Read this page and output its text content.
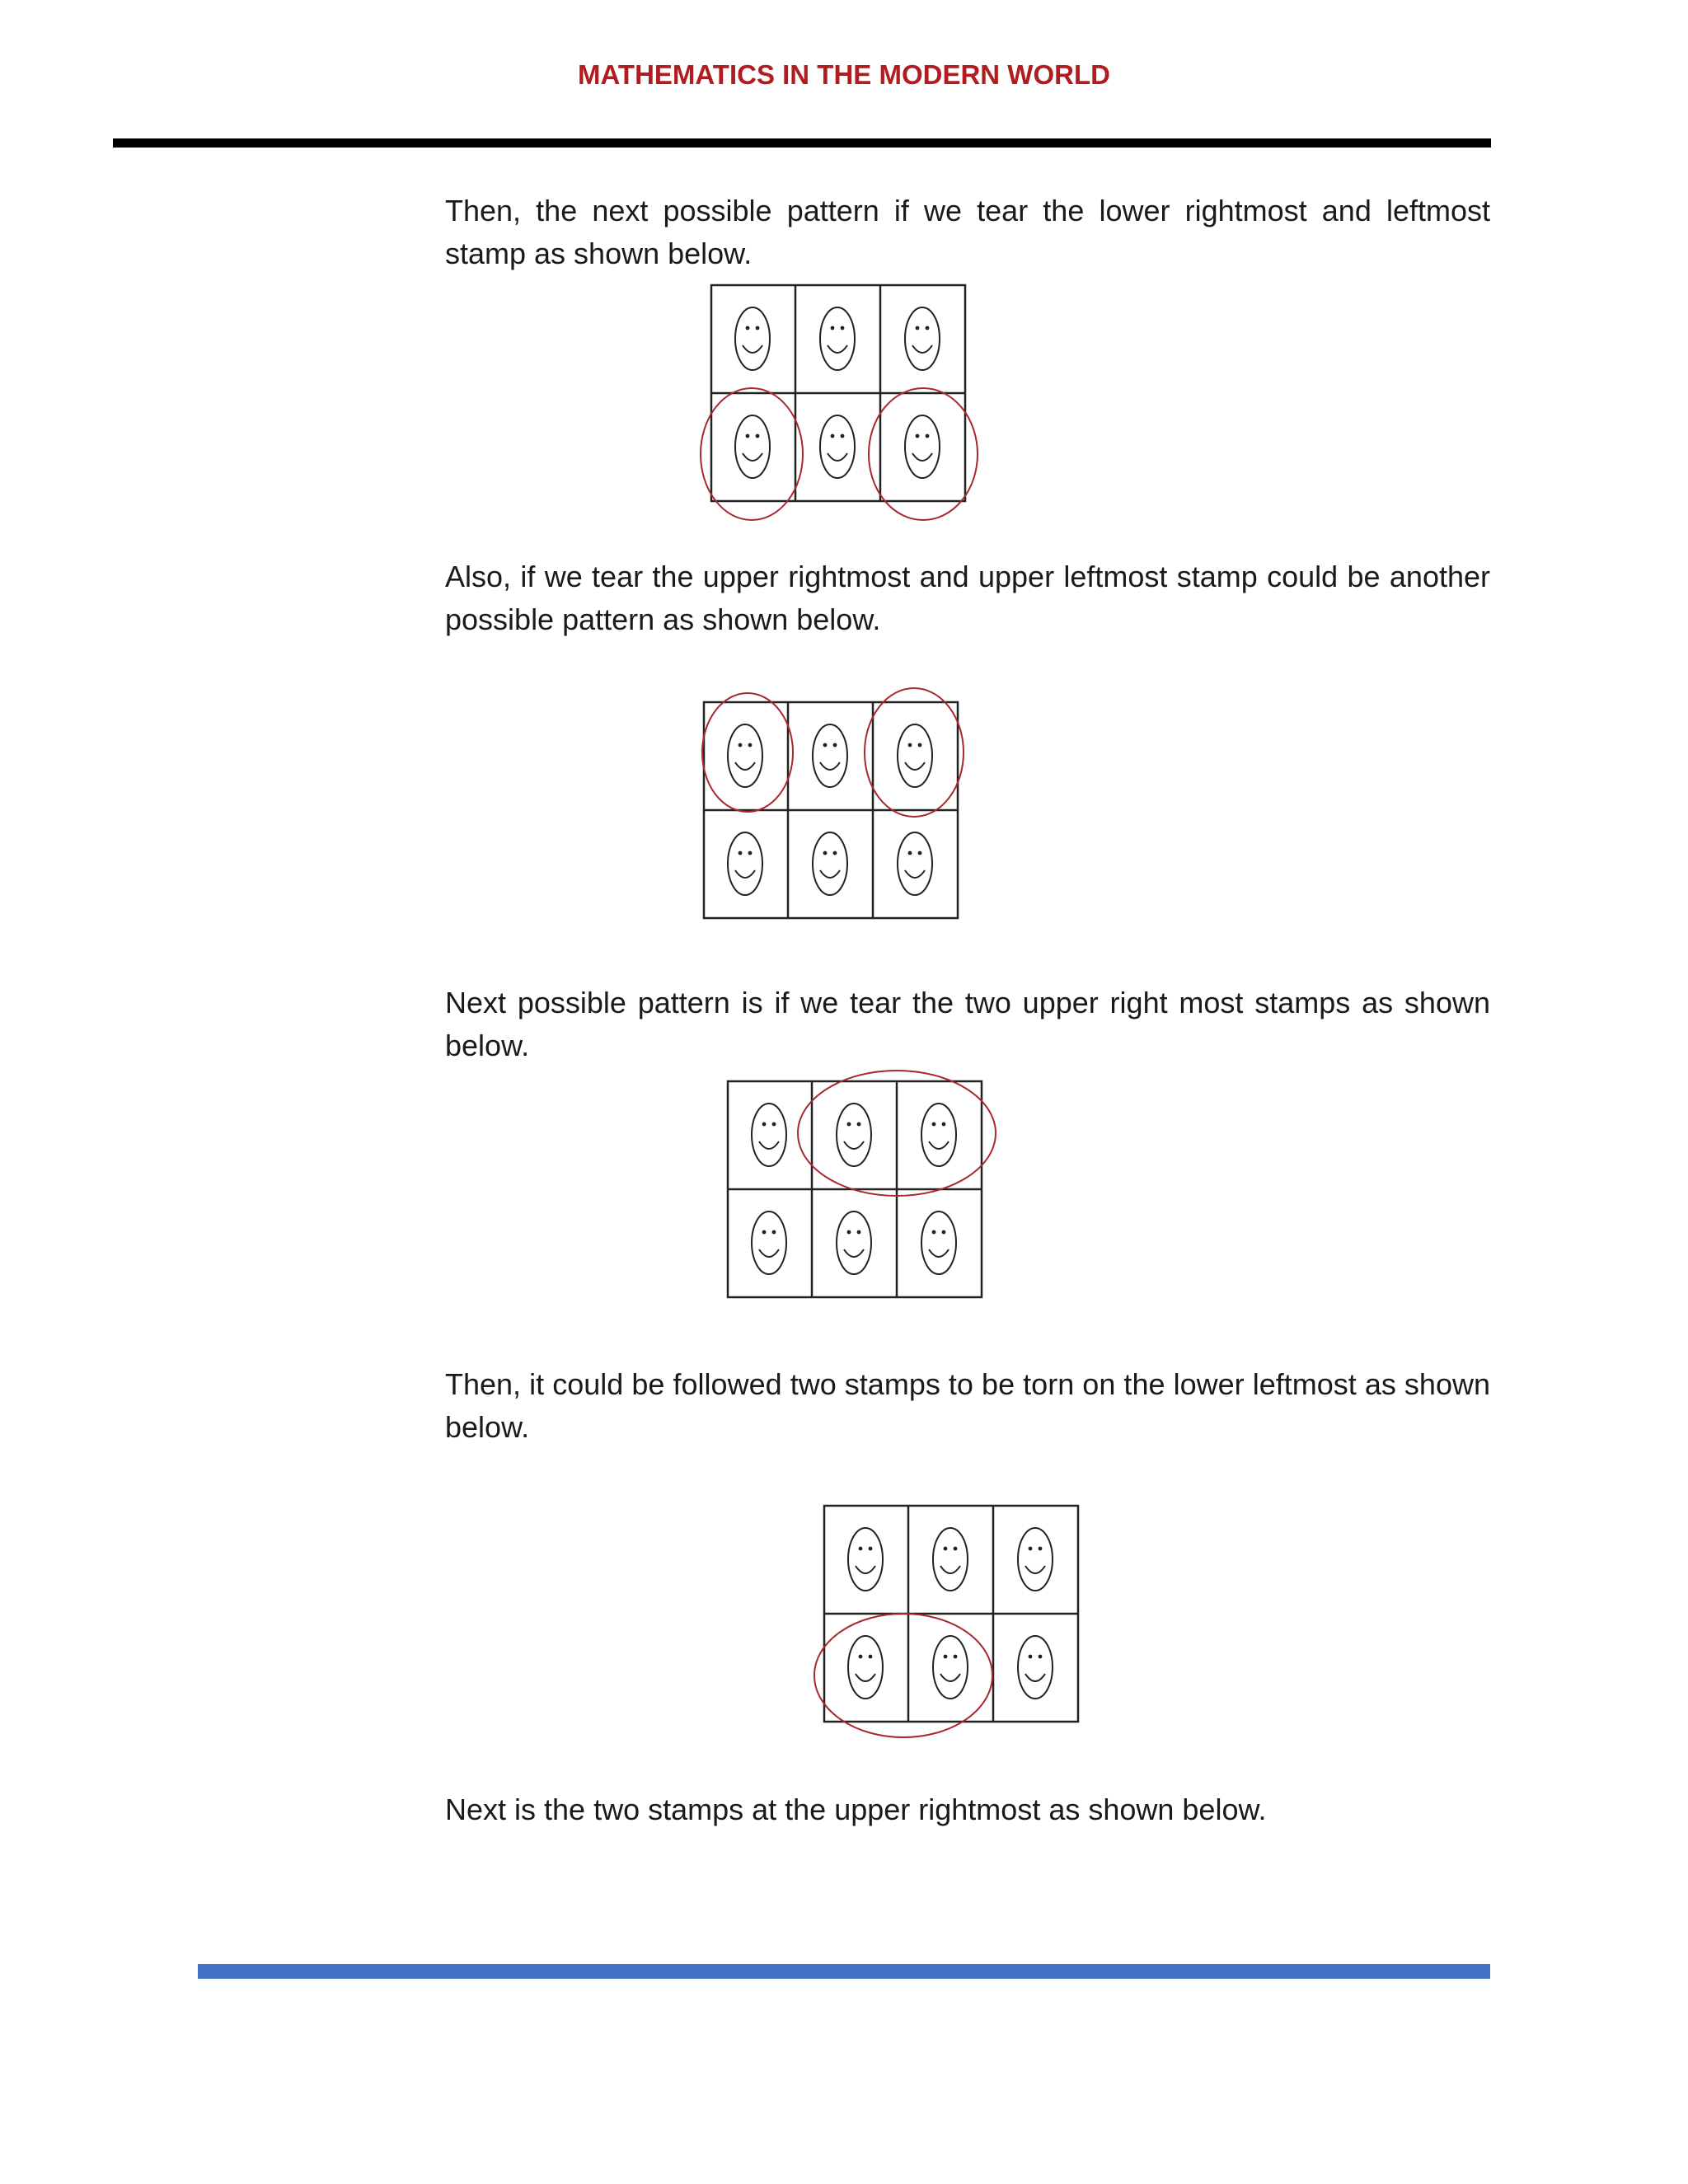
MATHEMATICS IN THE MODERN WORLD
Then, the next possible pattern if we tear the lower rightmost and leftmost stamp as shown below.
Also, if we tear the upper rightmost and upper leftmost stamp could be another possible pattern as shown below.
Next possible pattern is if we tear the two upper right most stamps as shown below.
Then, it could be followed two stamps to be torn on the lower leftmost as shown below.
Next is the two stamps at the upper rightmost as shown below.
